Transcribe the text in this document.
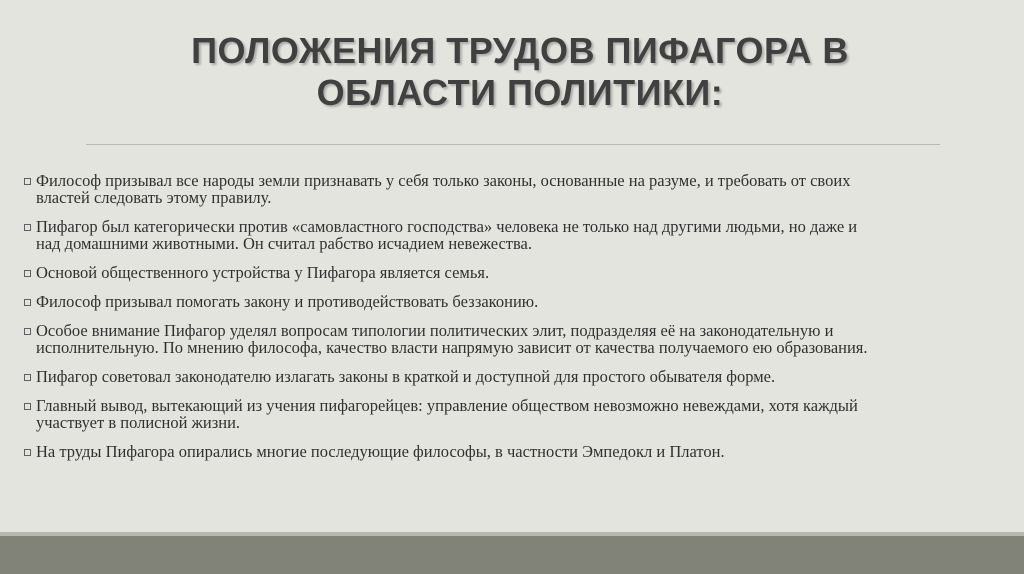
ПОЛОЖЕНИЯ ТРУДОВ ПИФАГОРА В
ОБЛАСТИ ПОЛИТИКИ:
Философ призывал все народы земли признавать у себя только законы, основанные на разуме, и требовать от своих
властей следовать этому правилу.
Пифагор был категорически против «самовластного господства» человека не только над другими людьми, но даже и
над домашними животными. Он считал рабство исчадием невежества.
Основой общественного устройства у Пифагора является семья.
Философ призывал помогать закону и противодействовать беззаконию.
Особое внимание Пифагор уделял вопросам типологии политических элит, подразделяя её на законодательную и
исполнительную. По мнению философа, качество власти напрямую зависит от качества получаемого ею образования.
Пифагор советовал законодателю излагать законы в краткой и доступной для простого обывателя форме.
Главный вывод, вытекающий из учения пифагорейцев: управление обществом невозможно невеждами, хотя каждый
участвует в полисной жизни.
На труды Пифагора опирались многие последующие философы, в частности Эмпедокл и Платон.
